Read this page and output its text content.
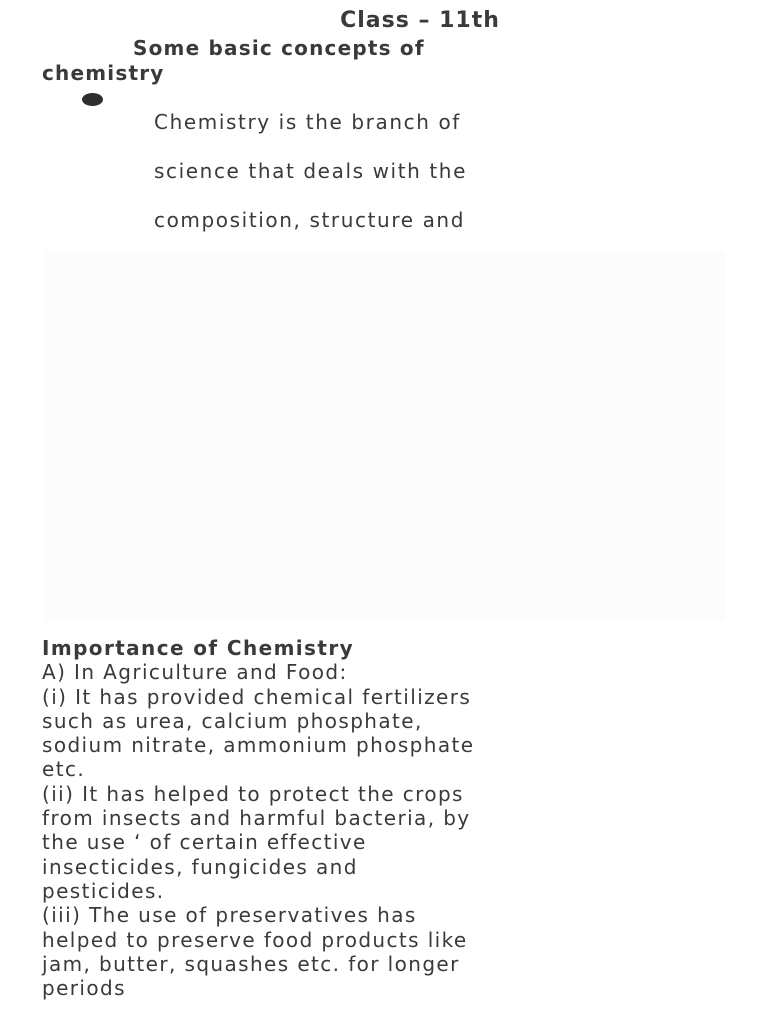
Class – 11th
Some basic concepts of
chemistry

Chemistry is the branch of

science that deals with the

composition, structure and

Importance of Chemistry
A) In Agriculture and Food:
(i) It has provided chemical fertilizers
such as urea, calcium phosphate,
sodium nitrate, ammonium phosphate
etc.
(ii) It has helped to protect the crops
from insects and harmful bacteria, by
the use ‘ of certain effective
insecticides, fungicides and
pesticides.
(iii) The use of preservatives has
helped to preserve food products like
jam, butter, squashes etc. for longer
periods
